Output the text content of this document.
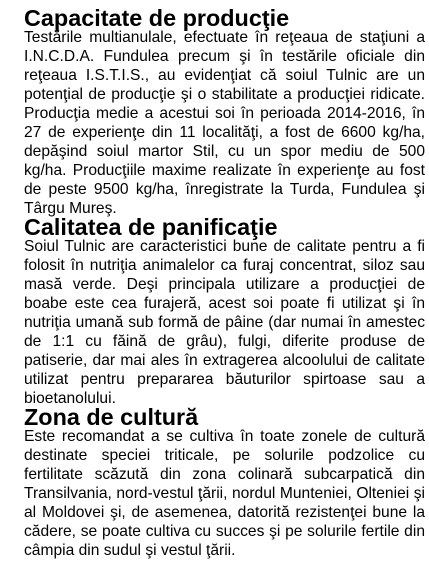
Capacitate de producţie

Testările multianulale, efectuate în reţeaua de staţiuni a I.N.C.D.A. Fundulea precum şi în testările oficiale din reţeaua I.S.T.I.S., au evidenţiat că soiul Tulnic are un potenţial de producţie şi o stabilitate a producţiei ridicate. Producţia medie a acestui soi în perioada 2014-2016, în 27 de experienţe din 11 localităţi, a fost de 6600 kg/ha, depăşind soiul martor Stil, cu un spor mediu de 500 kg/ha. Producţiile maxime realizate în experienţe au fost de peste 9500 kg/ha, înregistrate la Turda, Fundulea şi Târgu Mureş.

Calitatea de panificaţie

Soiul Tulnic are caracteristici bune de calitate pentru a fi folosit în nutriţia animalelor ca furaj concentrat, siloz sau masă verde. Deşi principala utilizare a producţiei de boabe este cea furajeră, acest soi poate fi utilizat şi în nutriţia umană sub formă de pâine (dar numai în amestec de 1:1 cu făină de grâu), fulgi, diferite produse de patiserie, dar mai ales în extragerea alcoolului de calitate utilizat pentru prepararea băuturilor spirtoase sau a bioetanolului.

Zona de cultură

Este recomandat a se cultiva în toate zonele de cultură destinate speciei triticale, pe solurile podzolice cu fertilitate scăzută din zona colinară subcarpatică din Transilvania, nord-vestul ţării, nordul Munteniei, Olteniei şi al Moldovei şi, de asemenea, datorită rezistenţei bune la cădere, se poate cultiva cu succes şi pe solurile fertile din câmpia din sudul şi vestul ţării.
